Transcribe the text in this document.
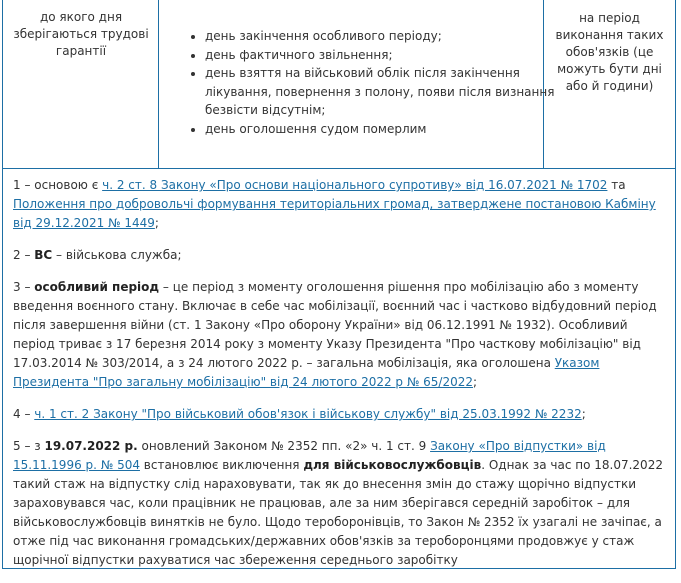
до якого дня зберігаються трудові гарантії
• день закінчення особливого періоду;
• день фактичного звільнення;
• день взяття на військовий облік після закінчення лікування, повернення з полону, появи після визнання безвісти відсутнім;
• день оголошення судом померлим
на період виконання таких обов'язків (це можуть бути дні або й години)

1 – основою є ч. 2 ст. 8 Закону «Про основи національного супротиву» від 16.07.2021 № 1702 та Положення про добровольчі формування територіальних громад, затверджене постановою Кабміну від 29.12.2021 № 1449;

2 – ВС – військова служба;

3 – особливий період – це період з моменту оголошення рішення про мобілізацію або з моменту введення воєнного стану. Включає в себе час мобілізації, воєнний час і частково відбудовний період після завершення війни (ст. 1 Закону «Про оборону України» від 06.12.1991 № 1932). Особливий період триває з 17 березня 2014 року з моменту Указу Президента "Про часткову мобілізацію" від 17.03.2014 № 303/2014, а з 24 лютого 2022 р. – загальна мобілізація, яка оголошена Указом Президента "Про загальну мобілізацію" від 24 лютого 2022 р № 65/2022;

4 – ч. 1 ст. 2 Закону "Про військовий обов'язок і військову службу" від 25.03.1992 № 2232;

5 – з 19.07.2022 р. оновлений Законом № 2352 пп. «2» ч. 1 ст. 9 Закону «Про відпустки» від 15.11.1996 р. № 504 встановлює виключення для військовослужбовців. Однак за час по 18.07.2022 такий стаж на відпустку слід нараховувати, так як до внесення змін до стажу щорічно відпустки зараховувався час, коли працівник не працював, але за ним зберігався середній заробіток – для військовослужбовців винятків не було. Щодо тероборонівців, то Закон № 2352 їх узагалі не зачіпає, а отже під час виконання громадських/державних обов'язків за тероборонцями продовжує у стаж щорічної відпустки рахуватися час збереження середнього заробітку
